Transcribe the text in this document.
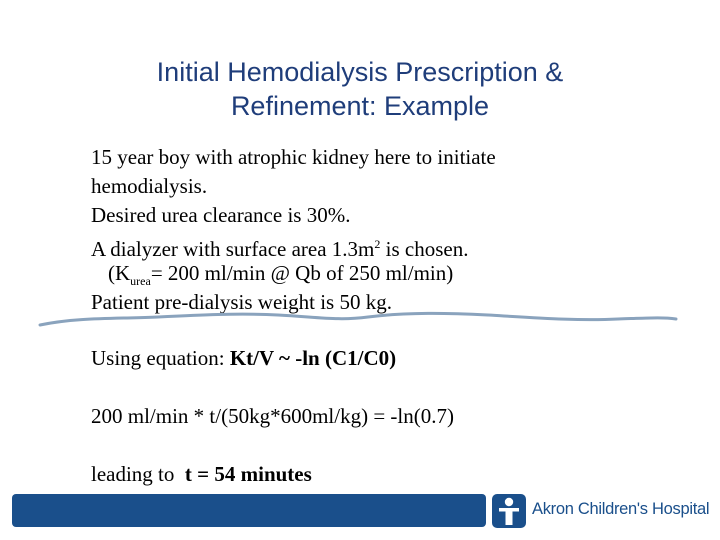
Initial Hemodialysis Prescription &
Refinement: Example
15 year boy with atrophic kidney here to initiate
hemodialysis.
Desired urea clearance is 30%.
A dialyzer with surface area $1.3m^2$ is chosen.
($K_{urea}= 200$ ml/min @ Qb of 250 ml/min)
Patient pre-dialysis weight is 50 kg.
Using equation: Kt/V ~ -ln (C1/C0)
200 ml/min * t/(50kg*600ml/kg) = -ln(0.7)
leading to  t = 54 minutes
Akron Children's Hospital
